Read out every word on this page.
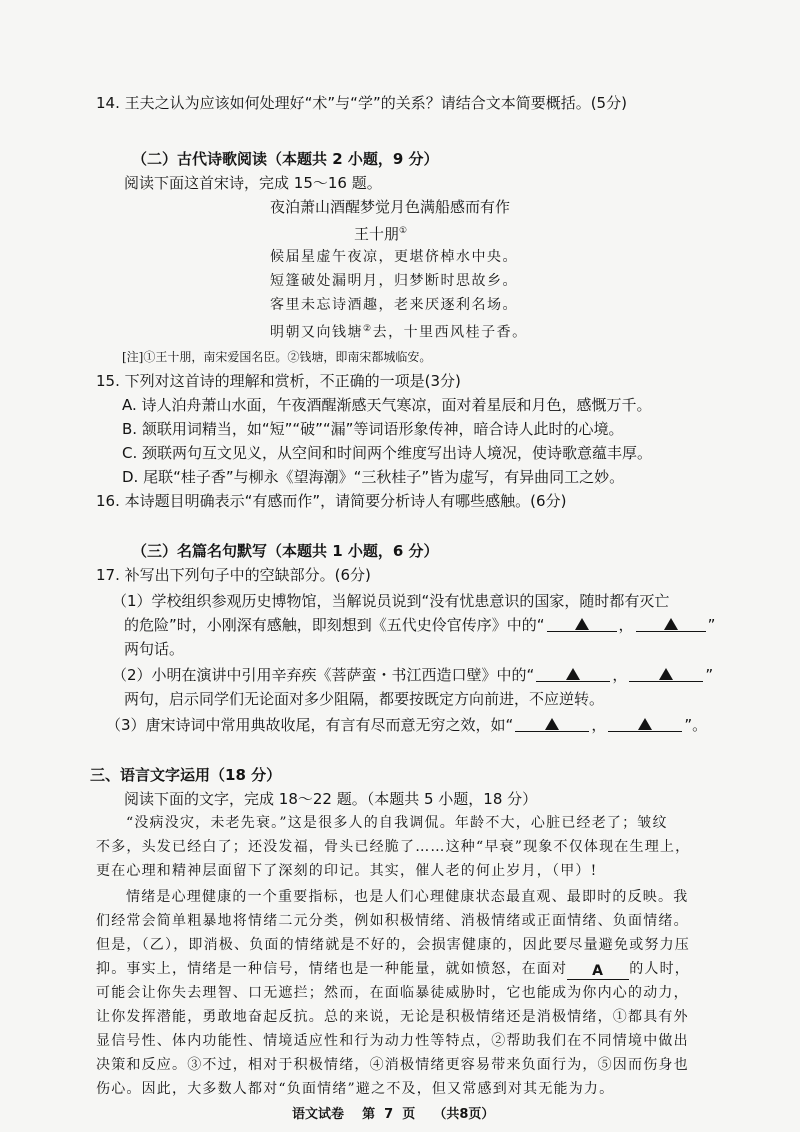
14. 王夫之认为应该如何处理好“术”与“学”的关系？请结合文本简要概括。(5分)
（二）古代诗歌阅读（本题共 2 小题，9 分）
阅读下面这首宋诗，完成 15～16 题。
夜泊萧山酒醒梦觉月色满船感而有作
王十朋①
候届星虚午夜凉，更堪侪棹水中央。
短篷破处漏明月，归梦断时思故乡。
客里未忘诗酒趣，老来厌逐利名场。
明朝又向钱塘②去，十里西风桂子香。
[注]①王十朋，南宋爱国名臣。②钱塘，即南宋都城临安。
15. 下列对这首诗的理解和赏析，不正确的一项是(3分)
A. 诗人泊舟萧山水面，午夜酒醒渐感天气寒凉，面对着星辰和月色，感慨万千。
B. 颔联用词精当，如“短”“破”“漏”等词语形象传神，暗合诗人此时的心境。
C. 颈联两句互文见义，从空间和时间两个维度写出诗人境况，使诗歌意蕴丰厚。
D. 尾联“桂子香”与柳永《望海潮》“三秋桂子”皆为虚写，有异曲同工之妙。
16. 本诗题目明确表示“有感而作”，请简要分析诗人有哪些感触。(6分)
（三）名篇名句默写（本题共 1 小题，6 分）
17. 补写出下列句子中的空缺部分。(6分)
（1）学校组织参观历史博物馆，当解说员说到“没有忧患意识的国家，随时都有灭亡
的危险”时，小刚深有感触，即刻想到《五代史伶官传序》中的“	，	”
两句话。
（2）小明在演讲中引用辛弃疾《菩萨蛮・书江西造口壁》中的“	，	”
两句，启示同学们无论面对多少阻隔，都要按既定方向前进，不应逆转。
（3）唐宋诗词中常用典故收尾，有言有尽而意无穷之效，如“	，	”。
三、语言文字运用（18 分）
阅读下面的文字，完成 18～22 题。（本题共 5 小题，18 分）
“没病没灾，未老先衰。”这是很多人的自我调侃。年龄不大，心脏已经老了；皱纹
不多，头发已经白了；还没发福，骨头已经脆了……这种“早衰”现象不仅体现在生理上，
更在心理和精神层面留下了深刻的印记。其实，催人老的何止岁月，（甲）!
情绪是心理健康的一个重要指标，也是人们心理健康状态最直观、最即时的反映。我
们经常会简单粗暴地将情绪二元分类，例如积极情绪、消极情绪或正面情绪、负面情绪。
但是，（乙），即消极、负面的情绪就是不好的，会损害健康的，因此要尽量避免或努力压
抑。事实上，情绪是一种信号，情绪也是一种能量，就如愤怒，在面对 A 的人时，
可能会让你失去理智、口无遮拦；然而，在面临暴徒威胁时，它也能成为你内心的动力，
让你发挥潜能，勇敢地奋起反抗。总的来说，无论是积极情绪还是消极情绪，①都具有外
显信号性、体内功能性、情境适应性和行为动力性等特点，②帮助我们在不同情境中做出
决策和反应。③不过，相对于积极情绪，④消极情绪更容易带来负面行为，⑤因而伤身也
伤心。因此，大多数人都对“负面情绪”避之不及，但又常感到对其无能为力。
语文试卷    第  7  页    （共8页）
